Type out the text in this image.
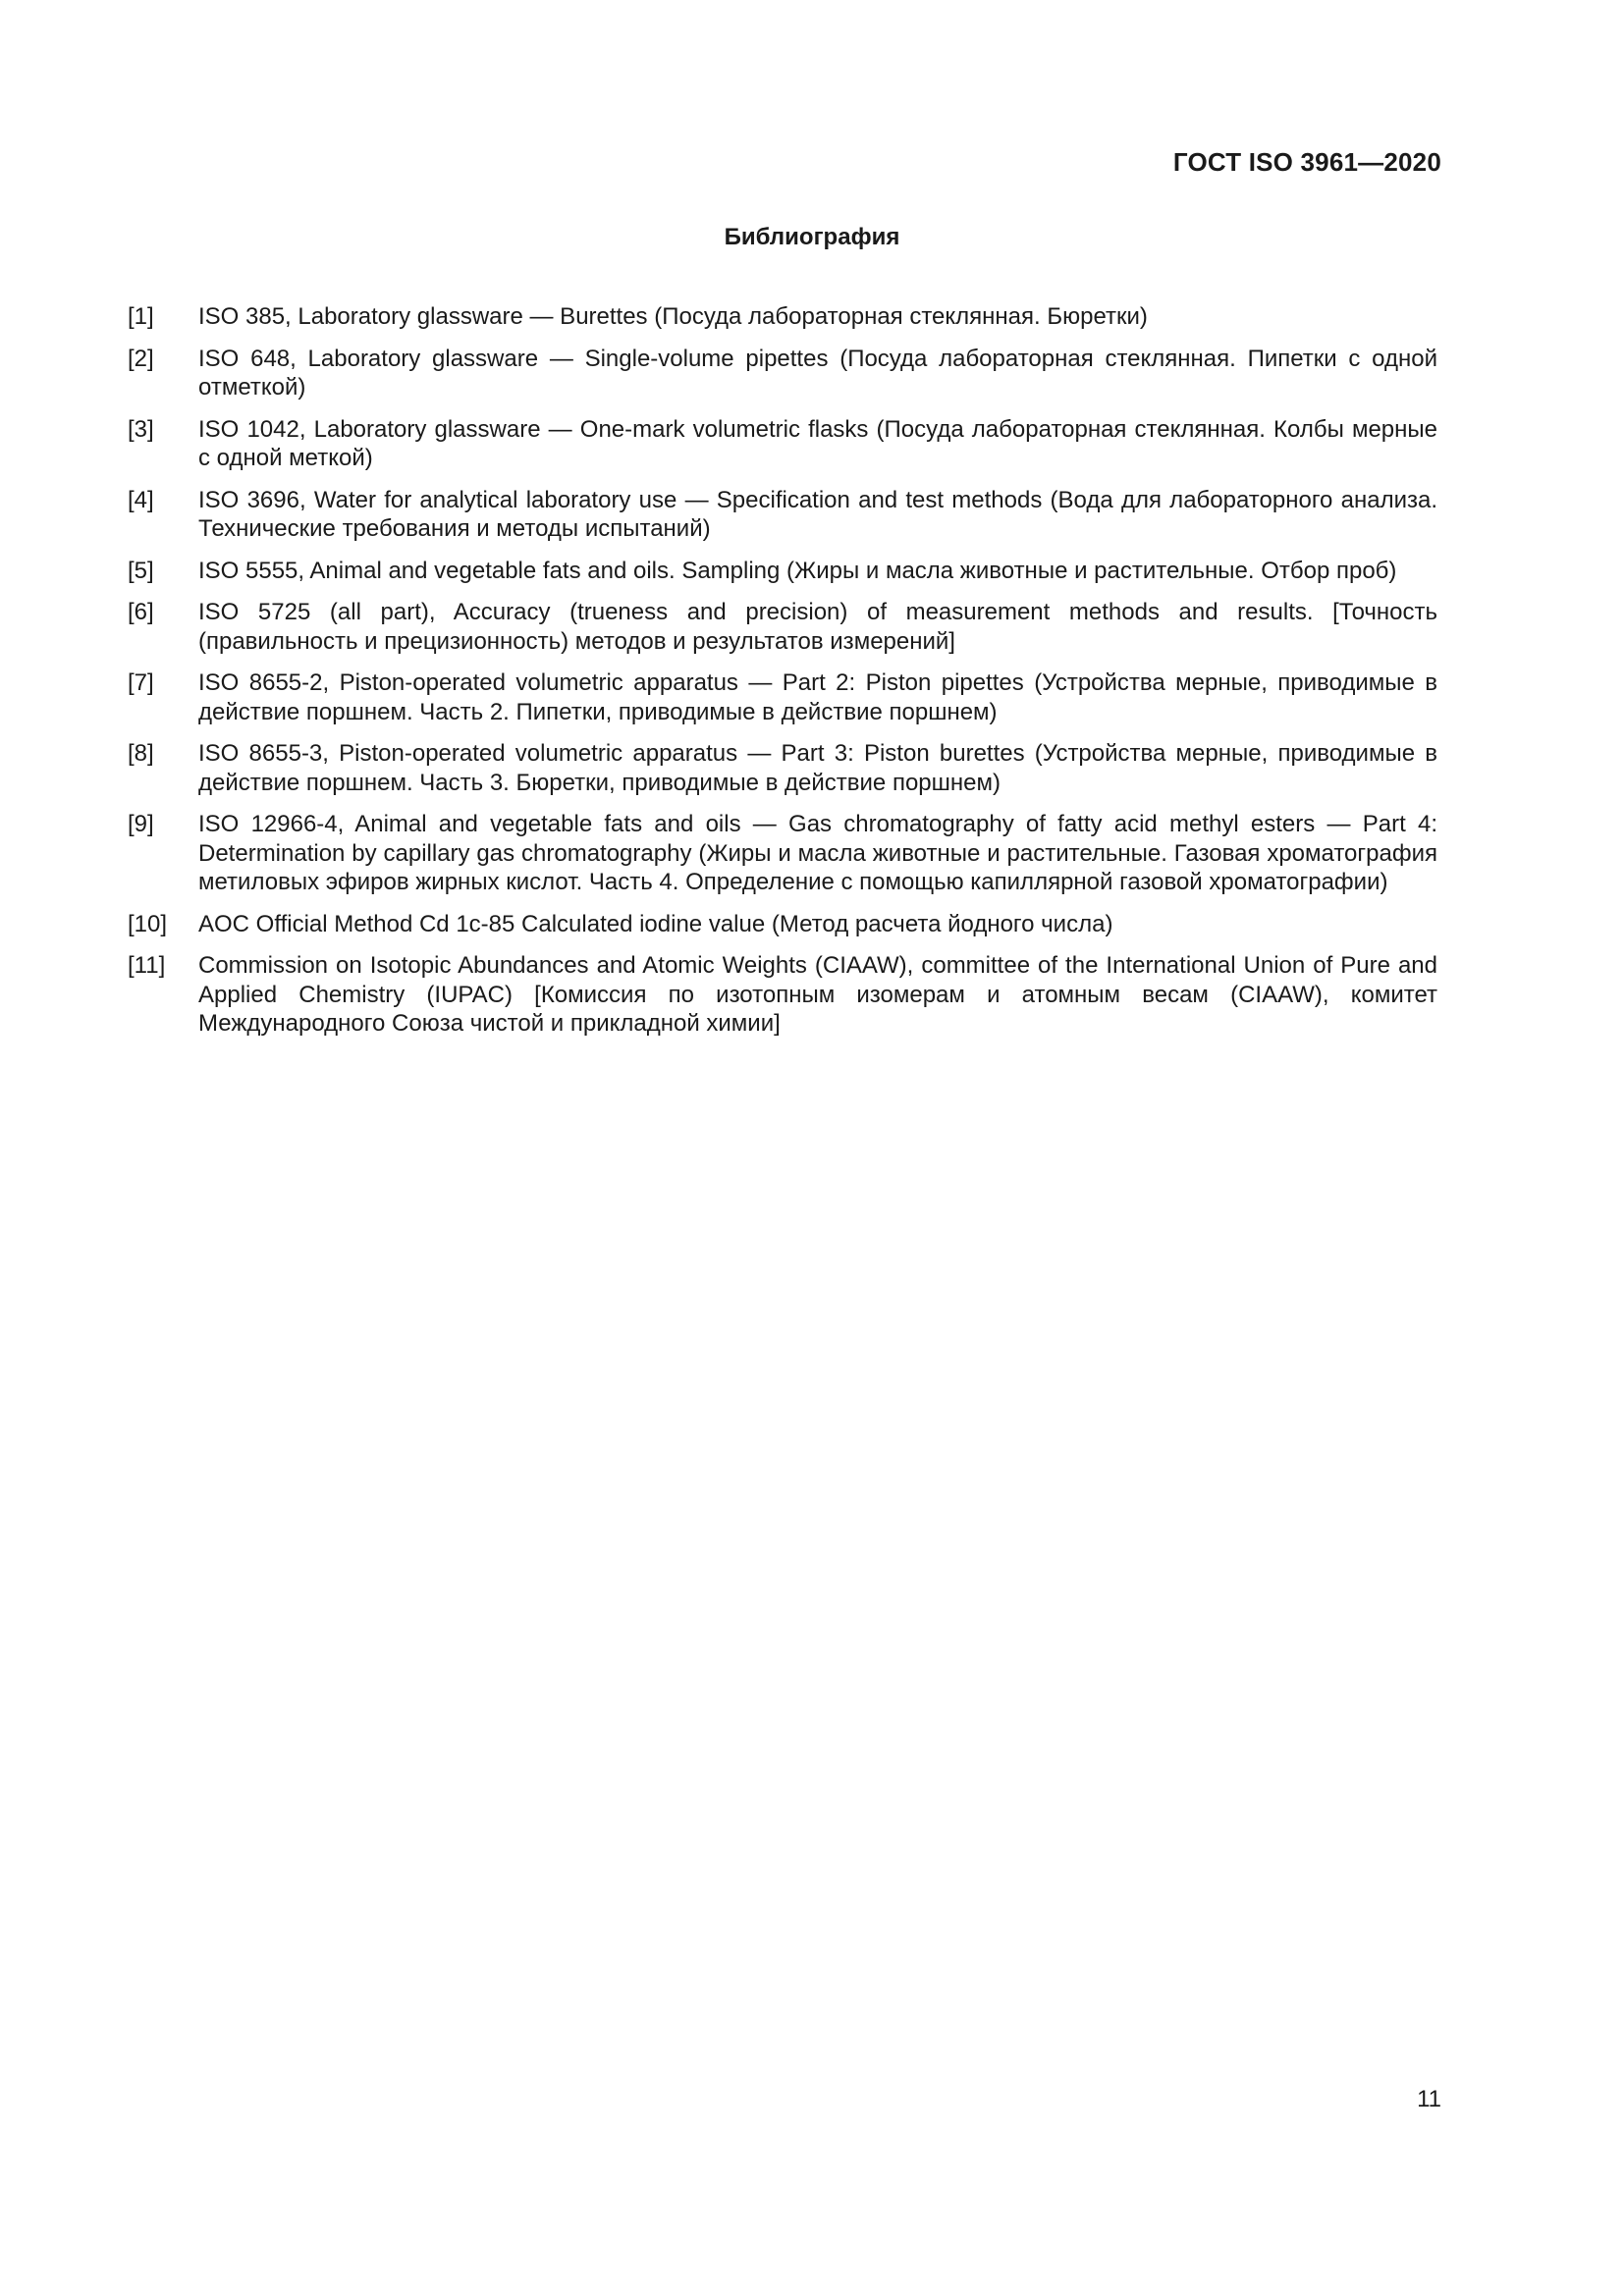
ГОСТ ISO 3961—2020
Библиография
[1]	ISO 385, Laboratory glassware — Burettes (Посуда лабораторная стеклянная. Бюретки)
[2]	ISO 648, Laboratory glassware — Single-volume pipettes (Посуда лабораторная стеклянная. Пипетки с одной отметкой)
[3]	ISO 1042, Laboratory glassware — One-mark volumetric flasks (Посуда лабораторная стеклянная. Колбы мерные с одной меткой)
[4]	ISO 3696, Water for analytical laboratory use — Specification and test methods (Вода для лабораторного анализа. Технические требования и методы испытаний)
[5]	ISO 5555, Animal and vegetable fats and oils. Sampling (Жиры и масла животные и растительные. Отбор проб)
[6]	ISO 5725 (all part), Accuracy (trueness and precision) of measurement methods and results. [Точность (правильность и прецизионность) методов и результатов измерений]
[7]	ISO 8655-2, Piston-operated volumetric apparatus — Part 2: Piston pipettes (Устройства мерные, приводимые в действие поршнем. Часть 2. Пипетки, приводимые в действие поршнем)
[8]	ISO 8655-3, Piston-operated volumetric apparatus — Part 3: Piston burettes (Устройства мерные, приводимые в действие поршнем. Часть 3. Бюретки, приводимые в действие поршнем)
[9]	ISO 12966-4, Animal and vegetable fats and oils — Gas chromatography of fatty acid methyl esters — Part 4: Determination by capillary gas chromatography (Жиры и масла животные и растительные. Газовая хроматография метиловых эфиров жирных кислот. Часть 4. Определение с помощью капиллярной газовой хроматографии)
[10]	AOC Official Method Cd 1c-85 Calculated iodine value (Метод расчета йодного числа)
[11]	Commission on Isotopic Abundances and Atomic Weights (CIAAW), committee of the International Union of Pure and Applied Chemistry (IUPAC) [Комиссия по изотопным изомерам и атомным весам (CIAAW), комитет Международного Союза чистой и прикладной химии]
11
